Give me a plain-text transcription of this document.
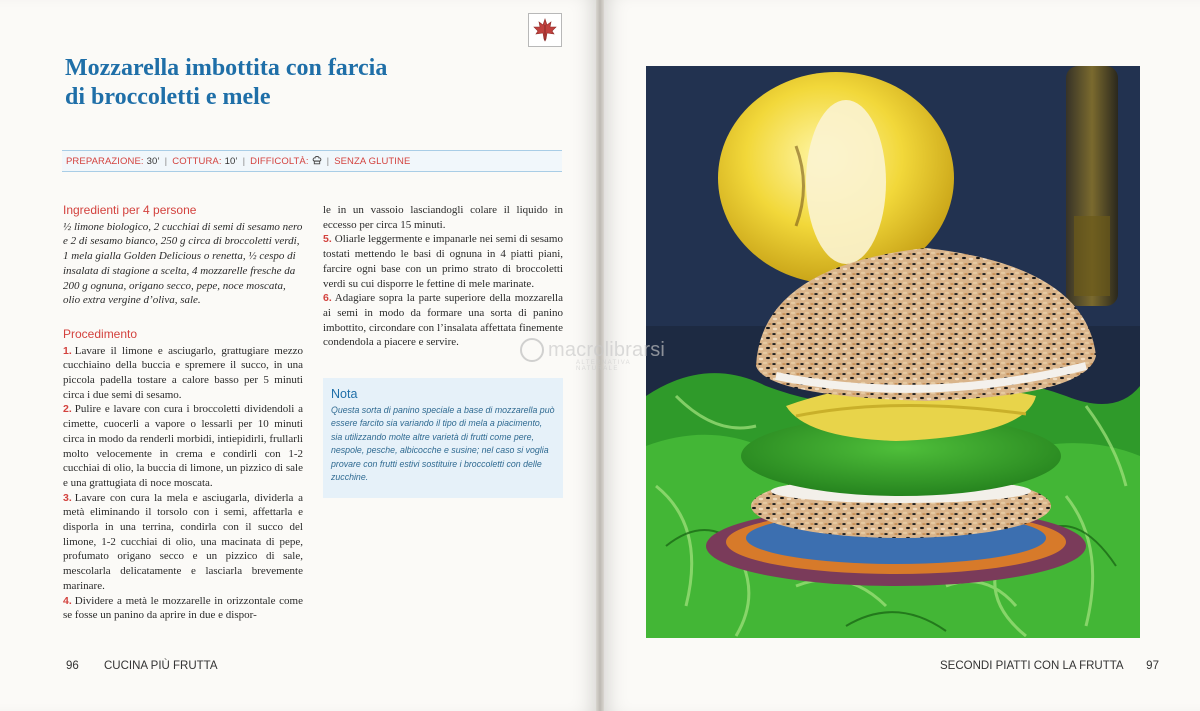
Mozzarella imbottita con farcia
di broccoletti e mele
PREPARAZIONE: 30’ | COTTURA: 10’ | DIFFICOLTÀ: | SENZA GLUTINE
Ingredienti per 4 persone
½ limone biologico, 2 cucchiai di semi di sesamo nero e 2 di sesamo bianco, 250 g circa di broccoletti verdi, 1 mela gialla Golden Delicious o renetta, ½ cespo di insalata di stagione a scelta, 4 mozzarelle fresche da 200 g ognuna, origano secco, pepe, noce moscata, olio extra vergine d’oliva, sale.
Procedimento

1. Lavare il limone e asciugarlo, grattugiare mezzo cucchiaino della buccia e spremere il succo, in una piccola padella tostare a calore basso per 5 minuti circa i due semi di sesamo.

2. Pulire e lavare con cura i broccoletti dividendoli a cimette, cuocerli a vapore o lessarli per 10 minuti circa in modo da renderli morbidi, intiepidirli, frullarli molto velocemente in crema e condirli con 1-2 cucchiai di olio, la buccia di limone, un pizzico di sale e una grattugiata di noce moscata.

3. Lavare con cura la mela e asciugarla, dividerla a metà eliminando il torsolo con i semi, affettarla e disporla in una terrina, condirla con il succo del limone, 1-2 cucchiai di olio, una macinata di pepe, profumato origano secco e un pizzico di sale, mescolarla delicatamente e lasciarla brevemente marinare.

4. Dividere a metà le mozzarelle in orizzontale come se fosse un panino da aprire in due e dispor-

le in un vassoio lasciandogli colare il liquido in eccesso per circa 15 minuti.

5. Oliarle leggermente e impanarle nei semi di sesamo tostati mettendo le basi di ognuna in 4 piatti piani, farcire ogni base con un primo strato di broccoletti verdi su cui disporre le fettine di mele marinate.

6. Adagiare sopra la parte superiore della mozzarella ai semi in modo da formare una sorta di panino imbottito, circondare con l’insalata affettata finemente condendola a piacere e servire.

Nota
Questa sorta di panino speciale a base di mozzarella può essere farcito sia variando il tipo di mela a piacimento, sia utilizzando molte altre varietà di frutti come pere, nespole, pesche, albicocche e susine; nel caso si voglia provare con frutti estivi sostituire i broccoletti con delle zucchine.
96 CUCINA PIÙ FRUTTA	SECONDI PIATTI CON LA FRUTTA 97
macrolibrarsi
ALTERNATIVA NATURALE
